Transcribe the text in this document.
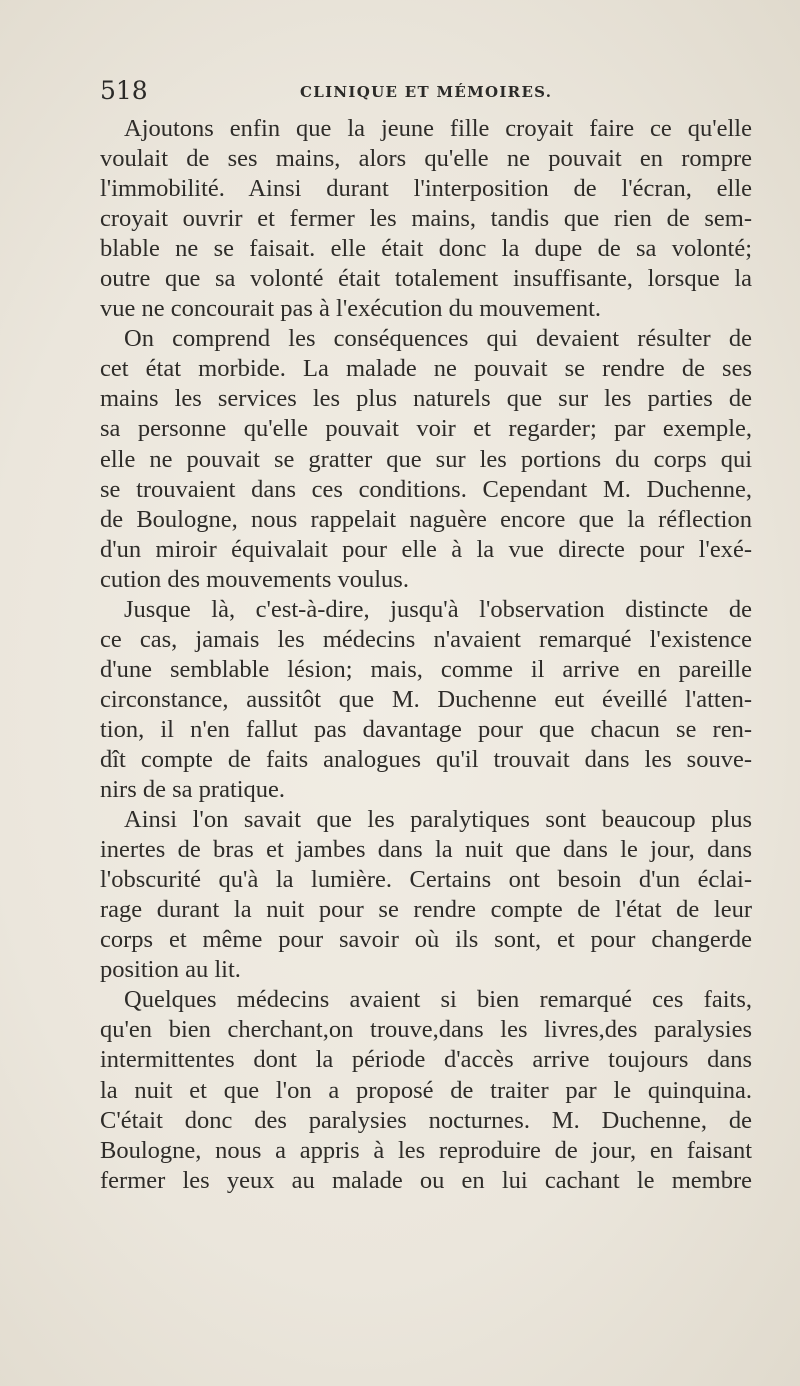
518	CLINIQUE ET MÉMOIRES.
Ajoutons enfin que la jeune fille croyait faire ce qu'elle
voulait de ses mains, alors qu'elle ne pouvait en rompre
l'immobilité. Ainsi durant l'interposition de l'écran, elle
croyait ouvrir et fermer les mains, tandis que rien de sem-
blable ne se faisait. elle était donc la dupe de sa volonté;
outre que sa volonté était totalement insuffisante, lorsque la
vue ne concourait pas à l'exécution du mouvement.
On comprend les conséquences qui devaient résulter de
cet état morbide. La malade ne pouvait se rendre de ses
mains les services les plus naturels que sur les parties de
sa personne qu'elle pouvait voir et regarder; par exemple,
elle ne pouvait se gratter que sur les portions du corps qui
se trouvaient dans ces conditions. Cependant M. Duchenne,
de Boulogne, nous rappelait naguère encore que la réflection
d'un miroir équivalait pour elle à la vue directe pour l'exé-
cution des mouvements voulus.
Jusque là, c'est-à-dire, jusqu'à l'observation distincte de
ce cas, jamais les médecins n'avaient remarqué l'existence
d'une semblable lésion; mais, comme il arrive en pareille
circonstance, aussitôt que M. Duchenne eut éveillé l'atten-
tion, il n'en fallut pas davantage pour que chacun se ren-
dît compte de faits analogues qu'il trouvait dans les souve-
nirs de sa pratique.
Ainsi l'on savait que les paralytiques sont beaucoup plus
inertes de bras et jambes dans la nuit que dans le jour, dans
l'obscurité qu'à la lumière. Certains ont besoin d'un éclai-
rage durant la nuit pour se rendre compte de l'état de leur
corps et même pour savoir où ils sont, et pour changerde
position au lit.
Quelques médecins avaient si bien remarqué ces faits,
qu'en bien cherchant,on trouve,dans les livres,des paralysies
intermittentes dont la période d'accès arrive toujours dans
la nuit et que l'on a proposé de traiter par le quinquina.
C'était donc des paralysies nocturnes. M. Duchenne, de
Boulogne, nous a appris à les reproduire de jour, en faisant
fermer les yeux au malade ou en lui cachant le membre
